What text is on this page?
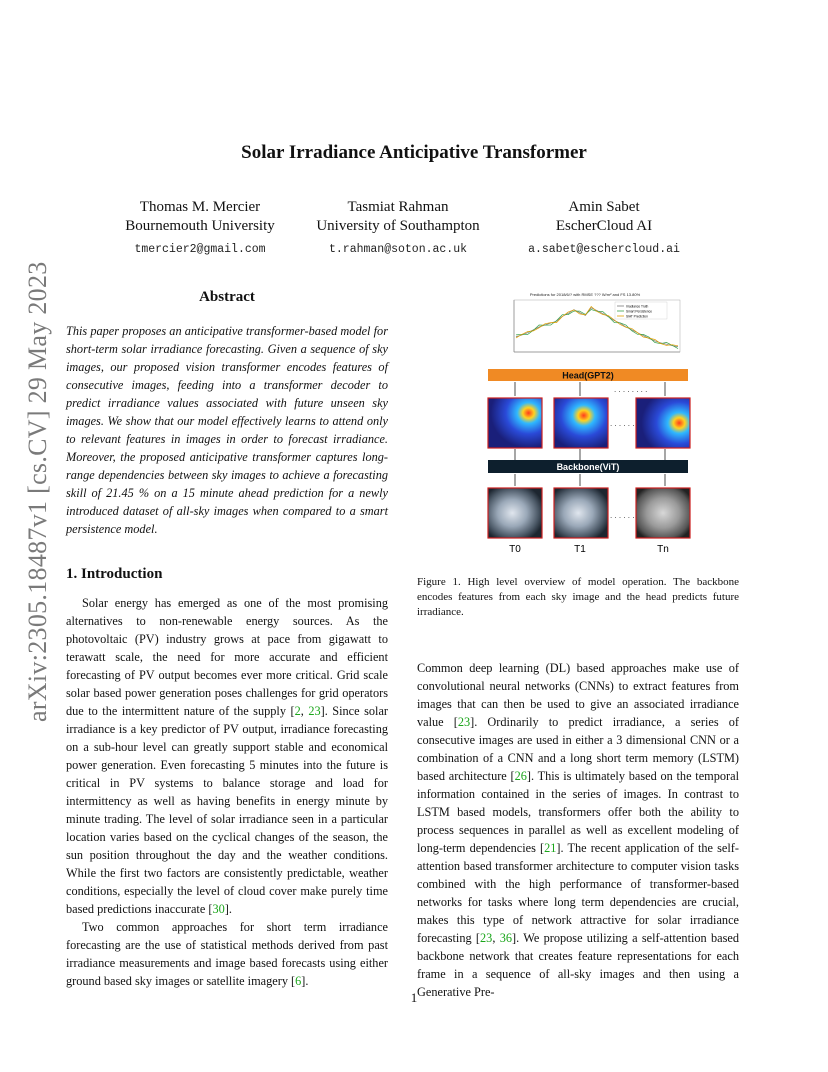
arXiv:2305.18487v1 [cs.CV] 29 May 2023
Solar Irradiance Anticipative Transformer
Thomas M. Mercier
Bournemouth University
tmercier2@gmail.com
Tasmiat Rahman
University of Southampton
t.rahman@soton.ac.uk
Amin Sabet
EscherCloud AI
a.sabet@eschercloud.ai
Abstract
This paper proposes an anticipative transformer-based model for short-term solar irradiance forecasting. Given a sequence of sky images, our proposed vision transformer encodes features of consecutive images, feeding into a transformer decoder to predict irradiance values associated with future unseen sky images. We show that our model effectively learns to attend only to relevant features in images in order to forecast irradiance. Moreover, the proposed anticipative transformer captures long-range dependencies between sky images to achieve a forecasting skill of 21.45 % on a 15 minute ahead prediction for a newly introduced dataset of all-sky images when compared to a smart persistence model.
1. Introduction

Solar energy has emerged as one of the most promising alternatives to non-renewable energy sources. As the photovoltaic (PV) industry grows at pace from gigawatt to terawatt scale, the need for more accurate and efficient forecasting of PV output becomes ever more critical. Grid scale solar based power generation poses challenges for grid operators due to the intermittent nature of the supply [2, 23]. Since solar irradiance is a key predictor of PV output, irradiance forecasting on a sub-hour level can greatly support stable and economical power generation. Even forecasting 5 minutes into the future is critical in PV systems to balance storage and load for intermittency as well as having benefits in energy minute by minute trading. The level of solar irradiance seen in a particular location varies based on the cyclical changes of the season, the sun position throughout the day and the weather conditions. While the first two factors are consistently predictable, weather conditions, especially the level of cloud cover make purely time based predictions inaccurate [30].

Two common approaches for short term irradiance forecasting are the use of statistical methods derived from past irradiance measurements and image based forecasts using either ground based sky images or satellite imagery [6].

Predictions for 2018/6/? with RMSE ??? W/m² and FS 13.80%
Irradiance Truth
Smart Persistence
SIAT Prediction
Head(GPT2)
. . . . . . . .
. . . . . .
Backbone(ViT)
. . . . . .
T0	T1	Tn
Figure 1. High level overview of model operation. The backbone encodes features from each sky image and the head predicts future irradiance.

Common deep learning (DL) based approaches make use of convolutional neural networks (CNNs) to extract features from images that can then be used to give an associated irradiance value [23]. Ordinarily to predict irradiance, a series of consecutive images are used in either a 3 dimensional CNN or a combination of a CNN and a long short term memory (LSTM) based architecture [26]. This is ultimately based on the temporal information contained in the series of images. In contrast to LSTM based models, transformers offer both the ability to process sequences in parallel as well as excellent modeling of long-term dependencies [21]. The recent application of the self-attention based transformer architecture to computer vision tasks combined with the high performance of transformer-based networks for tasks where long term dependencies are crucial, makes this type of network attractive for solar irradiance forecasting [23, 36]. We propose utilizing a self-attention based backbone network that creates feature representations for each frame in a sequence of all-sky images and then using a Generative Pre-

1
